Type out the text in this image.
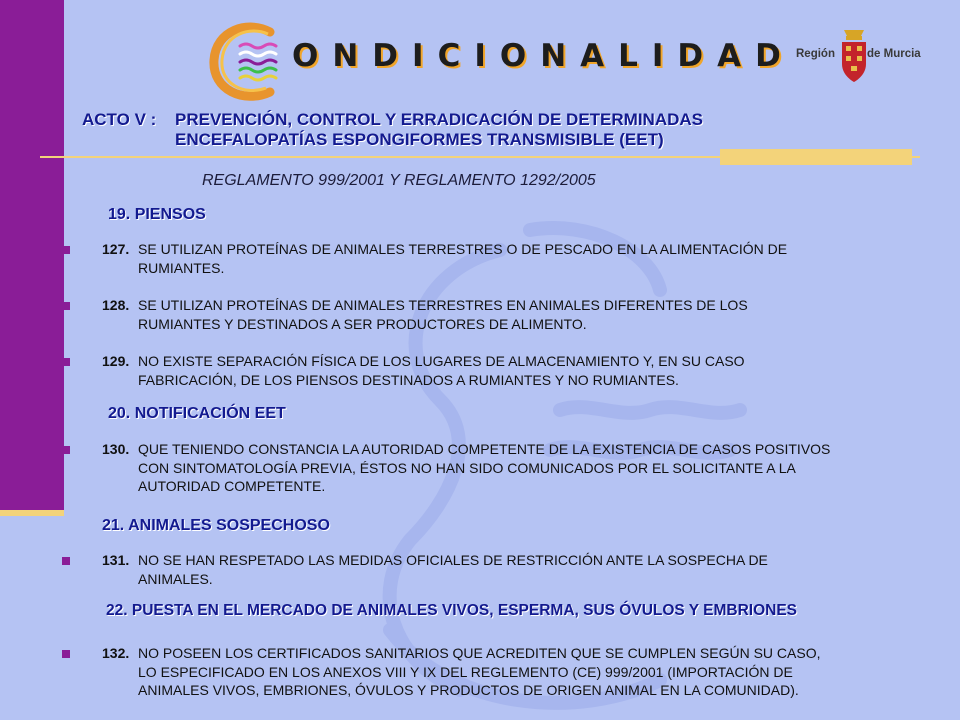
ONDICIONALIDAD Región	de Murcia
ACTO V : PREVENCIÓN, CONTROL Y ERRADICACIÓN DE DETERMINADAS
ENCEFALOPATÍAS ESPONGIFORMES TRANSMISIBLE (EET)
REGLAMENTO 999/2001 Y REGLAMENTO 1292/2005
19. PIENSOS
127. SE UTILIZAN PROTEÍNAS DE ANIMALES TERRESTRES O DE PESCADO EN LA ALIMENTACIÓN DE
RUMIANTES.
128. SE UTILIZAN PROTEÍNAS DE ANIMALES TERRESTRES EN ANIMALES DIFERENTES DE LOS
RUMIANTES Y DESTINADOS A SER PRODUCTORES DE ALIMENTO.
129. NO EXISTE SEPARACIÓN FÍSICA DE LOS LUGARES DE ALMACENAMIENTO Y, EN SU CASO
FABRICACIÓN, DE LOS PIENSOS DESTINADOS A RUMIANTES Y NO RUMIANTES.
20. NOTIFICACIÓN EET
130. QUE TENIENDO CONSTANCIA LA AUTORIDAD COMPETENTE DE LA EXISTENCIA DE CASOS POSITIVOS
CON SINTOMATOLOGÍA PREVIA, ÉSTOS NO HAN SIDO COMUNICADOS POR EL SOLICITANTE A LA
AUTORIDAD COMPETENTE.
21. ANIMALES SOSPECHOSO
131. NO SE HAN RESPETADO LAS MEDIDAS OFICIALES DE RESTRICCIÓN ANTE LA SOSPECHA DE
ANIMALES.
22. PUESTA EN EL MERCADO DE ANIMALES VIVOS, ESPERMA, SUS ÓVULOS Y EMBRIONES
132. NO POSEEN LOS CERTIFICADOS SANITARIOS QUE ACREDITEN QUE SE CUMPLEN SEGÚN SU CASO,
LO ESPECIFICADO EN LOS ANEXOS VIII Y IX DEL REGLEMENTO (CE) 999/2001 (IMPORTACIÓN DE
ANIMALES VIVOS, EMBRIONES, ÓVULOS Y PRODUCTOS DE ORIGEN ANIMAL EN LA COMUNIDAD).
